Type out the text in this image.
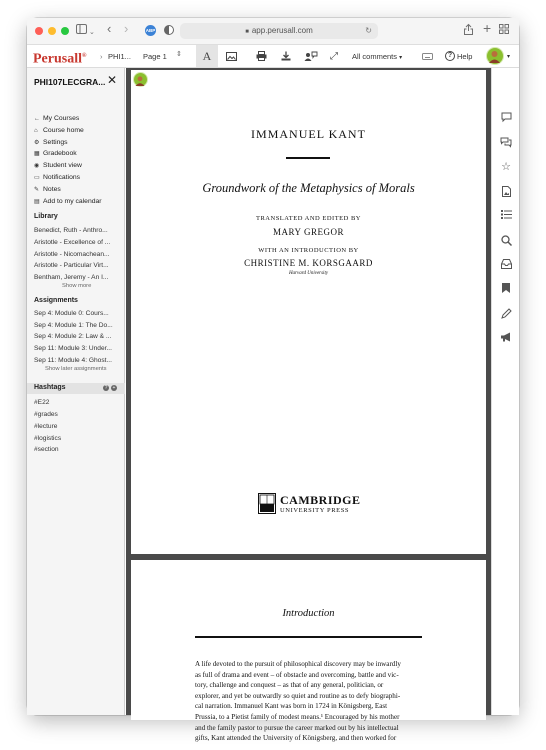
⌄ ‹ ›	ABP	■ app.perusall.com	↻	+
Perusall® › PHI1... Page 1 ⇕	A	⤢	All comments ▾	? Help	▾
PHI107LECGRA... ✕
← My Courses
⌂ Course home
⚙ Settings
▦ Gradebook
◉ Student view
▭ Notifications
✎ Notes
▤ Add to my calendar
Library
Benedict, Ruth - Anthro...
Aristotle - Excellence of ...
Aristotle - Nicomachean...
Aristotle - Particular Virt...
Bentham, Jeremy - An I...
Show more
Assignments
Sep 4: Module 0: Cours...
Sep 4: Module 1: The Do...
Sep 4: Module 2: Law & ...
Sep 11: Module 3: Under...
Sep 11: Module 4: Ghost...
Show later assignments
Hashtags	?	+
#E22
#grades
#lecture
#logistics
#section
IMMANUEL KANT
Groundwork of the Metaphysics of Morals
TRANSLATED AND EDITED BY
MARY GREGOR
WITH AN INTRODUCTION BY
CHRISTINE M. KORSGAARD
Harvard University
CAMBRIDGE
UNIVERSITY PRESS
Introduction
A life devoted to the pursuit of philosophical discovery may be inwardly
as full of drama and event – of obstacle and overcoming, battle and vic-
tory, challenge and conquest – as that of any general, politician, or
explorer, and yet be outwardly so quiet and routine as to defy biographi-
cal narration. Immanuel Kant was born in 1724 in Königsberg, East
Prussia, to a Pietist family of modest means.¹ Encouraged by his mother
and the family pastor to pursue the career marked out by his intellectual
gifts, Kant attended the University of Königsberg, and then worked for
☆
